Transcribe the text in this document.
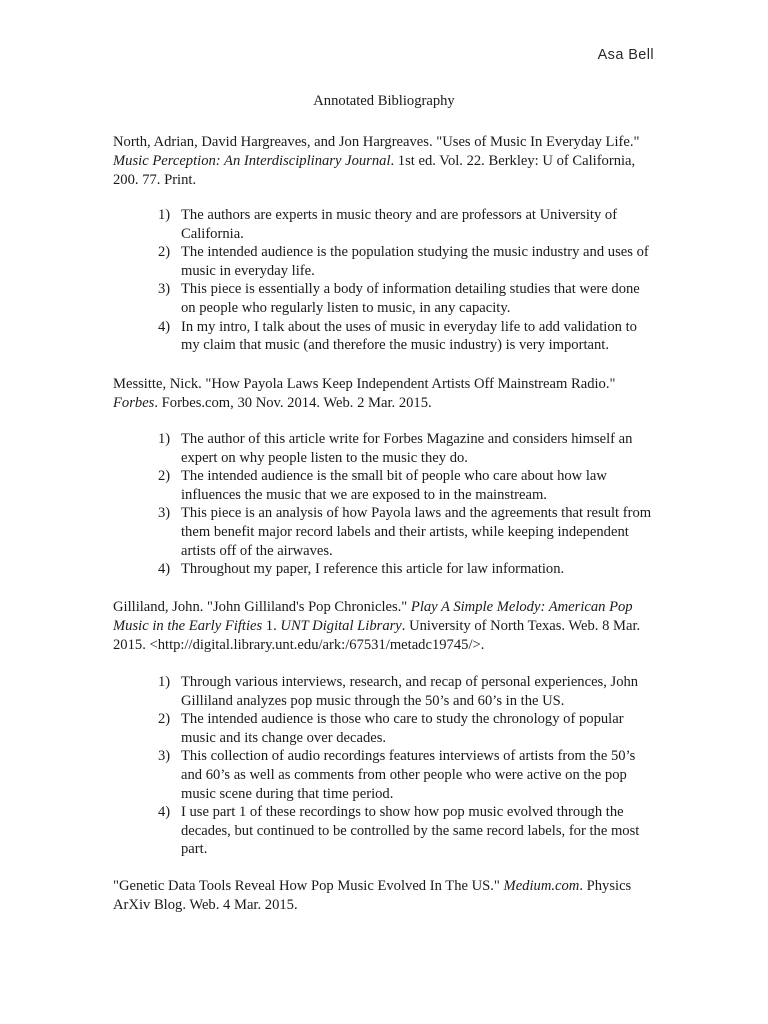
Asa Bell
Annotated Bibliography
North, Adrian, David Hargreaves, and Jon Hargreaves. "Uses of Music In Everyday Life." Music Perception: An Interdisciplinary Journal. 1st ed. Vol. 22. Berkley: U of California, 200. 77. Print.
1) The authors are experts in music theory and are professors at University of California.
2) The intended audience is the population studying the music industry and uses of music in everyday life.
3) This piece is essentially a body of information detailing studies that were done on people who regularly listen to music, in any capacity.
4) In my intro, I talk about the uses of music in everyday life to add validation to my claim that music (and therefore the music industry) is very important.
Messitte, Nick. "How Payola Laws Keep Independent Artists Off Mainstream Radio." Forbes. Forbes.com, 30 Nov. 2014. Web. 2 Mar. 2015.
1) The author of this article write for Forbes Magazine and considers himself an expert on why people listen to the music they do.
2) The intended audience is the small bit of people who care about how law influences the music that we are exposed to in the mainstream.
3) This piece is an analysis of how Payola laws and the agreements that result from them benefit major record labels and their artists, while keeping independent artists off of the airwaves.
4) Throughout my paper, I reference this article for law information.
Gilliland, John. "John Gilliland's Pop Chronicles." Play A Simple Melody: American Pop Music in the Early Fifties 1. UNT Digital Library. University of North Texas. Web. 8 Mar. 2015. <http://digital.library.unt.edu/ark:/67531/metadc19745/>.
1) Through various interviews, research, and recap of personal experiences, John Gilliland analyzes pop music through the 50’s and 60’s in the US.
2) The intended audience is those who care to study the chronology of popular music and its change over decades.
3) This collection of audio recordings features interviews of artists from the 50’s and 60’s as well as comments from other people who were active on the pop music scene during that time period.
4) I use part 1 of these recordings to show how pop music evolved through the decades, but continued to be controlled by the same record labels, for the most part.
"Genetic Data Tools Reveal How Pop Music Evolved In The US." Medium.com. Physics ArXiv Blog. Web. 4 Mar. 2015.
